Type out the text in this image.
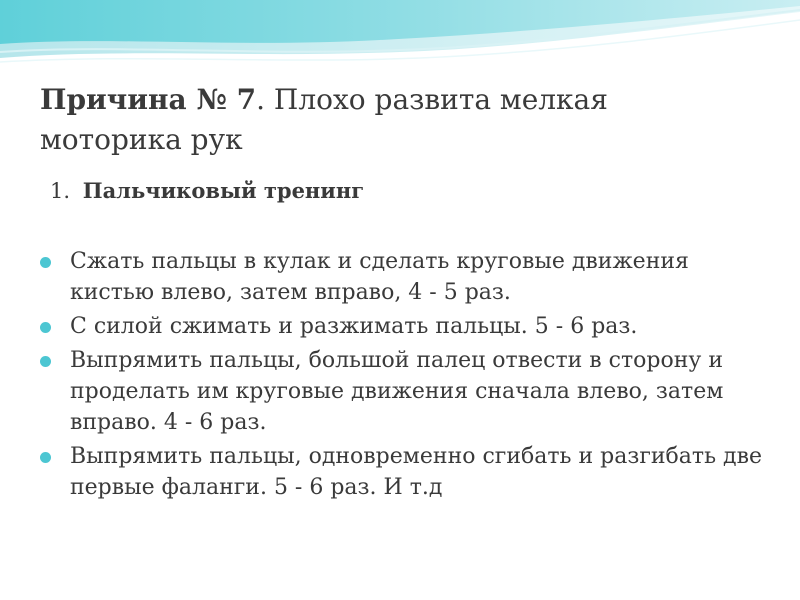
Причина № 7. Плохо развита мелкая моторика рук
1. Пальчиковый тренинг
Сжать пальцы в кулак и сделать круговые движения кистью влево, затем вправо, 4 - 5 раз.
С силой сжимать и разжимать пальцы. 5 - 6 раз.
Выпрямить пальцы, большой палец отвести в сторону и проделать им круговые движения сначала влево, затем вправо. 4 - 6 раз.
Выпрямить пальцы, одновременно сгибать и разгибать две первые фаланги. 5 - 6 раз. И т.д
